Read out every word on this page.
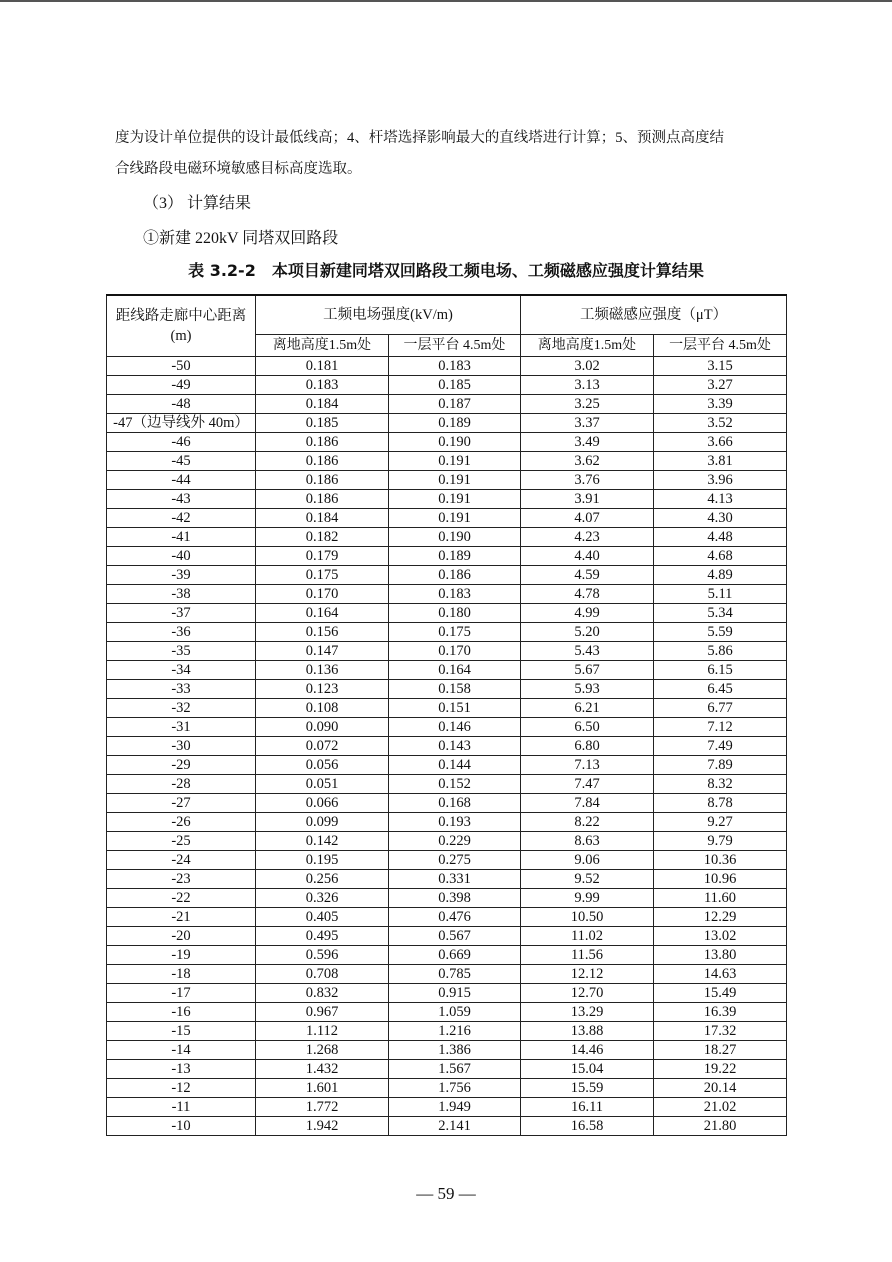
度为设计单位提供的设计最低线高；4、杆塔选择影响最大的直线塔进行计算；5、预测点高度结

合线路段电磁环境敏感目标高度选取。

（3） 计算结果

①新建 220kV 同塔双回路段

表 3.2-2　本项目新建同塔双回路段工频电场、工频磁感应强度计算结果

距线路走廊中心距离(m)	工频电场强度(kV/m)		工频磁感应强度（μT）	
	离地高度1.5m处	一层平台 4.5m处	离地高度1.5m处	一层平台 4.5m处
-50	0.181	0.183	3.02	3.15
-49	0.183	0.185	3.13	3.27
-48	0.184	0.187	3.25	3.39
-47（边导线外 40m）	0.185	0.189	3.37	3.52
-46	0.186	0.190	3.49	3.66
-45	0.186	0.191	3.62	3.81
-44	0.186	0.191	3.76	3.96
-43	0.186	0.191	3.91	4.13
-42	0.184	0.191	4.07	4.30
-41	0.182	0.190	4.23	4.48
-40	0.179	0.189	4.40	4.68
-39	0.175	0.186	4.59	4.89
-38	0.170	0.183	4.78	5.11
-37	0.164	0.180	4.99	5.34
-36	0.156	0.175	5.20	5.59
-35	0.147	0.170	5.43	5.86
-34	0.136	0.164	5.67	6.15
-33	0.123	0.158	5.93	6.45
-32	0.108	0.151	6.21	6.77
-31	0.090	0.146	6.50	7.12
-30	0.072	0.143	6.80	7.49
-29	0.056	0.144	7.13	7.89
-28	0.051	0.152	7.47	8.32
-27	0.066	0.168	7.84	8.78
-26	0.099	0.193	8.22	9.27
-25	0.142	0.229	8.63	9.79
-24	0.195	0.275	9.06	10.36
-23	0.256	0.331	9.52	10.96
-22	0.326	0.398	9.99	11.60
-21	0.405	0.476	10.50	12.29
-20	0.495	0.567	11.02	13.02
-19	0.596	0.669	11.56	13.80
-18	0.708	0.785	12.12	14.63
-17	0.832	0.915	12.70	15.49
-16	0.967	1.059	13.29	16.39
-15	1.112	1.216	13.88	17.32
-14	1.268	1.386	14.46	18.27
-13	1.432	1.567	15.04	19.22
-12	1.601	1.756	15.59	20.14
-11	1.772	1.949	16.11	21.02
-10	1.942	2.141	16.58	21.80

— 59 —
